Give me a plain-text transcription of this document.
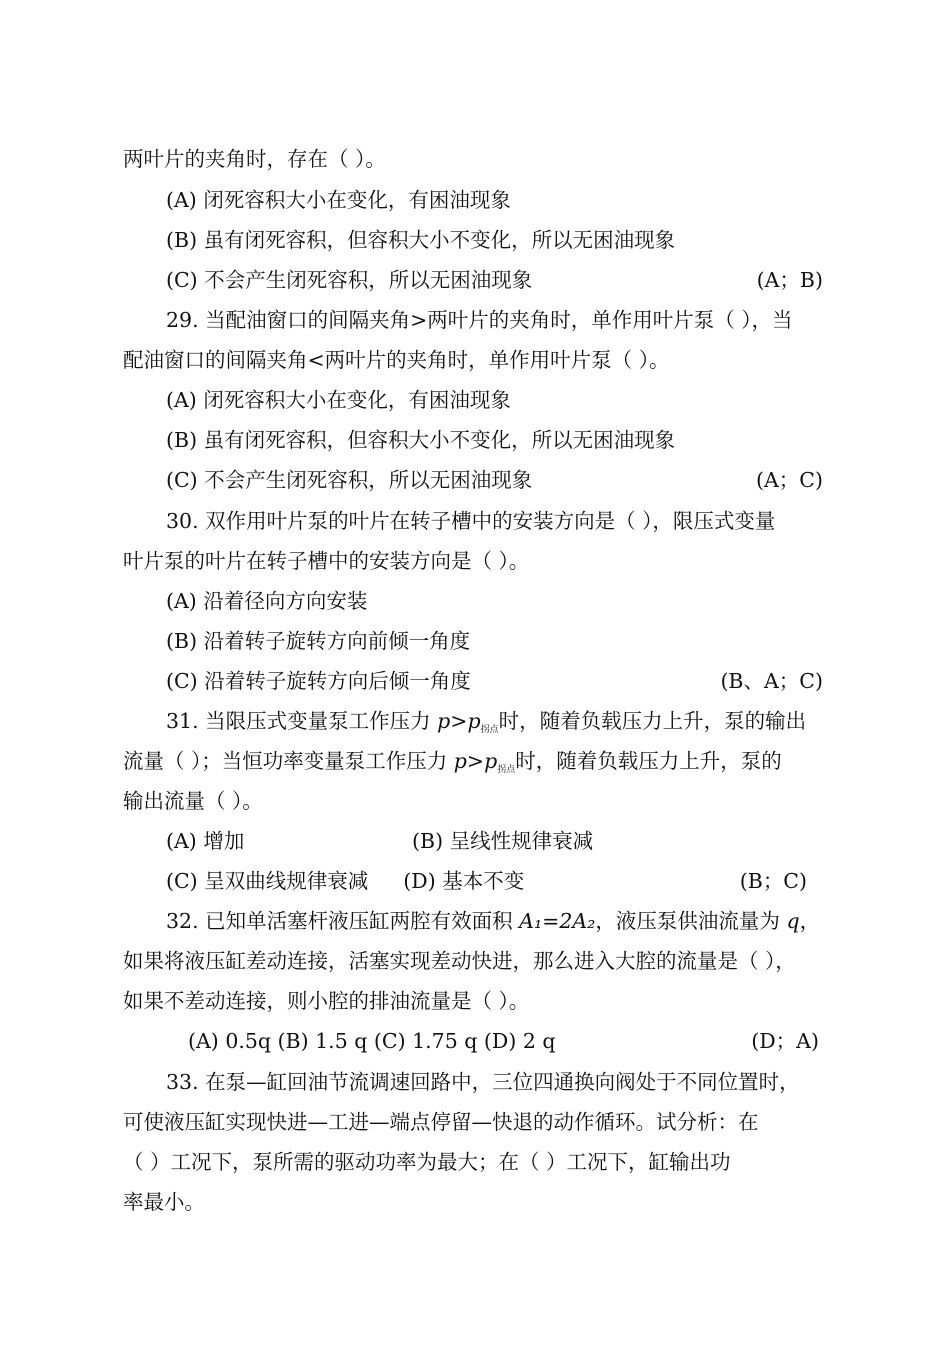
两叶片的夹角时，存在（ ）。
(A) 闭死容积大小在变化，有困油现象
(B) 虽有闭死容积，但容积大小不变化，所以无困油现象
(C) 不会产生闭死容积，所以无困油现象	(A；B)
29. 当配油窗口的间隔夹角>两叶片的夹角时，单作用叶片泵（ ），当
配油窗口的间隔夹角<两叶片的夹角时，单作用叶片泵（ ）。
(A) 闭死容积大小在变化，有困油现象
(B) 虽有闭死容积，但容积大小不变化，所以无困油现象
(C) 不会产生闭死容积，所以无困油现象	(A；C)
30. 双作用叶片泵的叶片在转子槽中的安装方向是（ ），限压式变量
叶片泵的叶片在转子槽中的安装方向是（ ）。
(A) 沿着径向方向安装
(B) 沿着转子旋转方向前倾一角度
(C) 沿着转子旋转方向后倾一角度	(B、A；C)
31. 当限压式变量泵工作压力 $p>p_{拐点}$时，随着负载压力上升，泵的输出
流量（ ）；当恒功率变量泵工作压力 $p>p_{拐点}$时，随着负载压力上升，泵的
输出流量（ ）。
(A) 增加	(B) 呈线性规律衰减
(C) 呈双曲线规律衰减 (D) 基本不变	(B；C)
32. 已知单活塞杆液压缸两腔有效面积 A₁=2A₂，液压泵供油流量为 q，
如果将液压缸差动连接，活塞实现差动快进，那么进入大腔的流量是（ ），
如果不差动连接，则小腔的排油流量是（ ）。
(A) 0.5q (B) 1.5 q (C) 1.75 q (D) 2 q	(D；A)
33. 在泵—缸回油节流调速回路中，三位四通换向阀处于不同位置时，
可使液压缸实现快进—工进—端点停留—快退的动作循环。试分析：在
（ ）工况下，泵所需的驱动功率为最大；在（ ）工况下，缸输出功
率最小。
